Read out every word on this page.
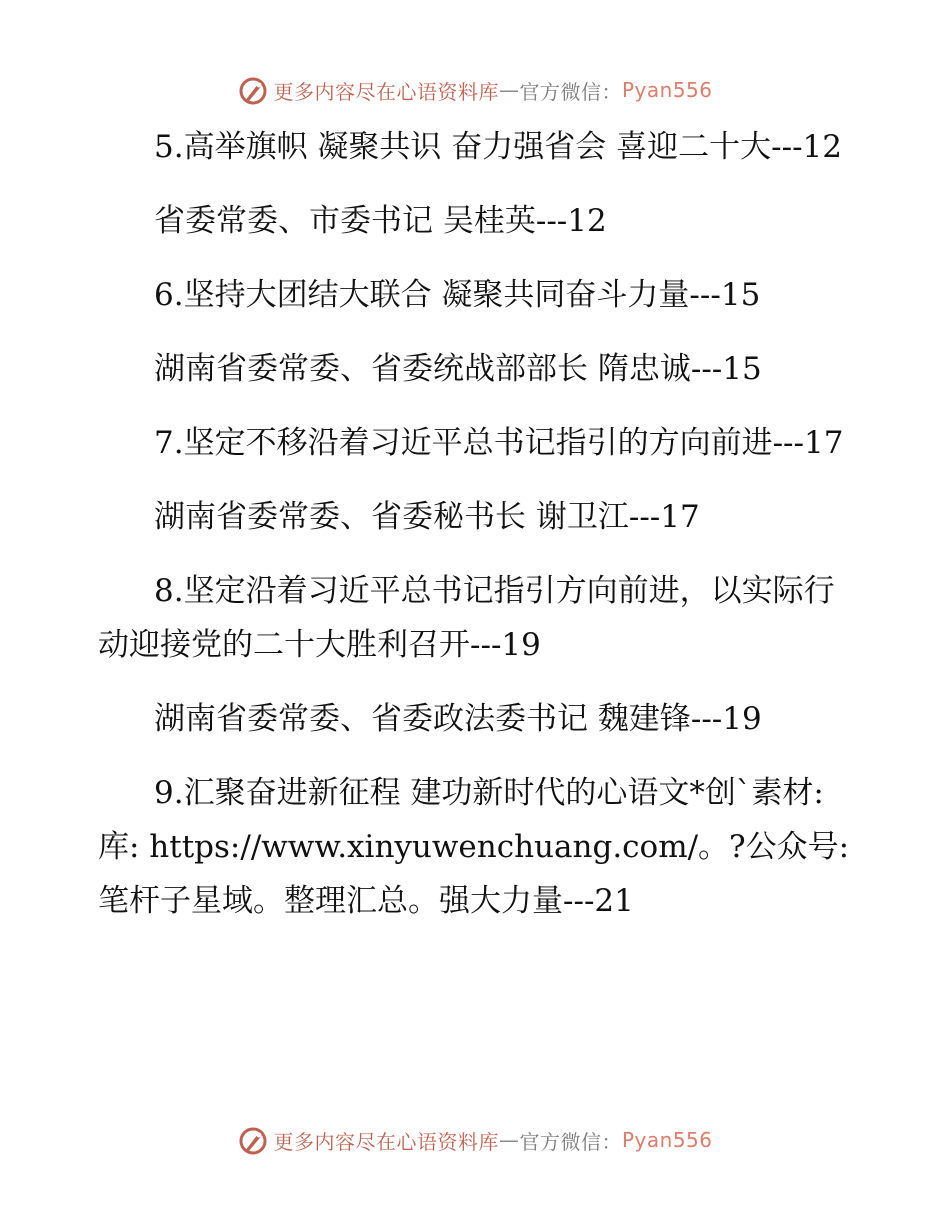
更多内容尽在心语资料库 — 官方微信： Pyan556

5.高举旗帜 凝聚共识 奋力强省会 喜迎二十大---12

省委常委、市委书记 吴桂英---12

6.坚持大团结大联合 凝聚共同奋斗力量---15

湖南省委常委、省委统战部部长 隋忠诚---15

7.坚定不移沿着习近平总书记指引的方向前进---17

湖南省委常委、省委秘书长 谢卫江---17

8.坚定沿着习近平总书记指引方向前进，以实际行动迎接党的二十大胜利召开---19

湖南省委常委、省委政法委书记 魏建锋---19

9.汇聚奋进新征程 建功新时代的心语文*创`素材:库: https://www.xinyuwenchuang.com/。?公众号: 笔杆子星域。整理汇总。强大力量---21

更多内容尽在心语资料库 — 官方微信： Pyan556
